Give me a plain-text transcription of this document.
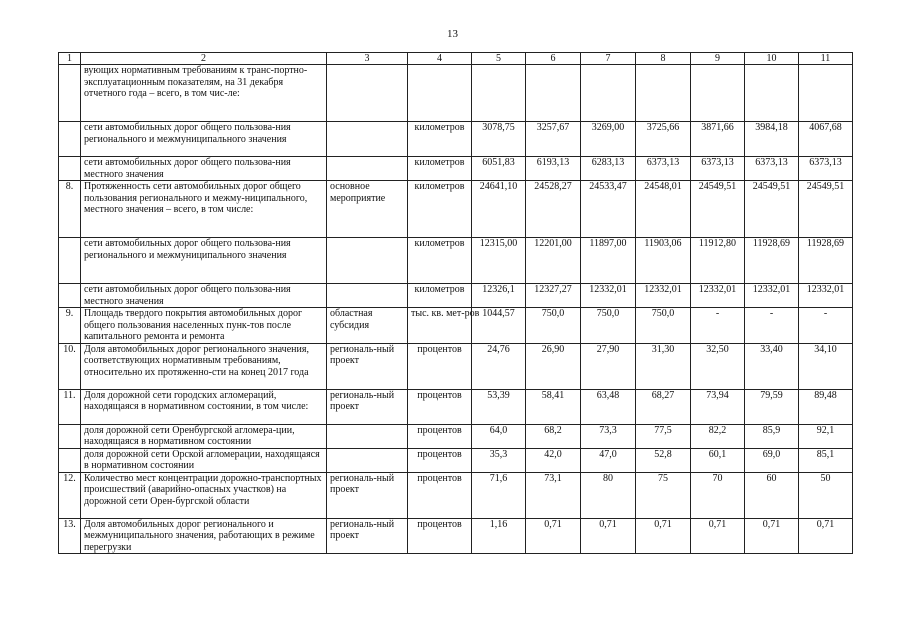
13
1	2	3	4	5	6	7	8	9	10	11
	вующих нормативным требованиям к транс-портно-эксплуатационным показателям, на 31 декабря отчетного года – всего, в том чис-ле:									
	сети автомобильных дорог общего пользова-ния регионального и межмуниципального значения		километров	3078,75	3257,67	3269,00	3725,66	3871,66	3984,18	4067,68
	сети автомобильных дорог общего пользова-ния местного значения		километров	6051,83	6193,13	6283,13	6373,13	6373,13	6373,13	6373,13
8.	Протяженность сети автомобильных дорог общего пользования регионального и межму-ниципального, местного значения – всего, в том числе:	основное мероприятие	километров	24641,10	24528,27	24533,47	24548,01	24549,51	24549,51	24549,51
	сети автомобильных дорог общего пользова-ния регионального и межмуниципального значения		километров	12315,00	12201,00	11897,00	11903,06	11912,80	11928,69	11928,69
	сети автомобильных дорог общего пользова-ния местного значения		километров	12326,1	12327,27	12332,01	12332,01	12332,01	12332,01	12332,01
9.	Площадь твердого покрытия автомобильных дорог общего пользования населенных пунк-тов после капитального ремонта и ремонта	областная субсидия	тыс. кв. мет-ров	1044,57	750,0	750,0	750,0	-	-	-
10.	Доля автомобильных дорог регионального значения, соответствующих нормативным требованиям, относительно их протяженно-сти на конец 2017 года	региональ-ный проект	процентов	24,76	26,90	27,90	31,30	32,50	33,40	34,10
11.	Доля дорожной сети городских агломераций, находящаяся в нормативном состоянии, в том числе:	региональ-ный проект	процентов	53,39	58,41	63,48	68,27	73,94	79,59	89,48
	доля дорожной сети Оренбургской агломера-ции, находящаяся в нормативном состоянии		процентов	64,0	68,2	73,3	77,5	82,2	85,9	92,1
	доля дорожной сети Орской агломерации, находящаяся в нормативном состоянии		процентов	35,3	42,0	47,0	52,8	60,1	69,0	85,1
12.	Количество мест концентрации дорожно-транспортных происшествий (аварийно-опасных участков) на дорожной сети Орен-бургской области	региональ-ный проект	процентов	71,6	73,1	80	75	70	60	50
13.	Доля автомобильных дорог регионального и межмуниципального значения, работающих в режиме перегрузки	региональ-ный проект	процентов	1,16	0,71	0,71	0,71	0,71	0,71	0,71
